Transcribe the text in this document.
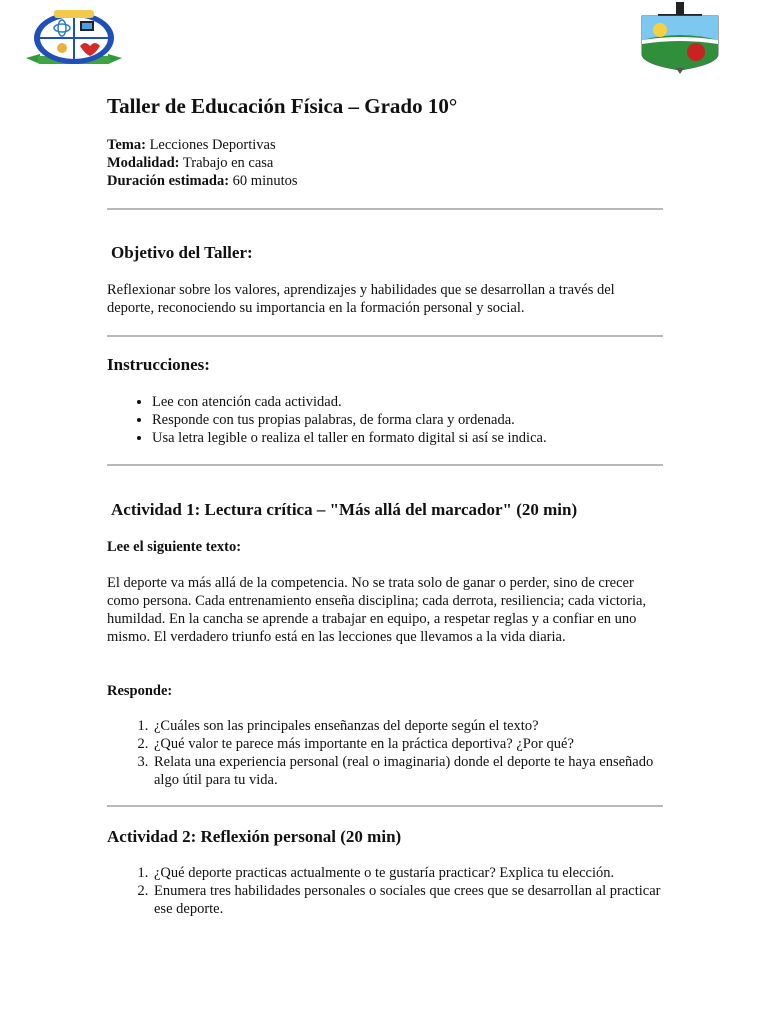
Taller de Educación Física – Grado 10°
Tema: Lecciones Deportivas
Modalidad: Trabajo en casa
Duración estimada: 60 minutos
Objetivo del Taller:

Reflexionar sobre los valores, aprendizajes y habilidades que se desarrollan a través del deporte, reconociendo su importancia en la formación personal y social.

Instrucciones:
• Lee con atención cada actividad.
• Responde con tus propias palabras, de forma clara y ordenada.
• Usa letra legible o realiza el taller en formato digital si así se indica.
Actividad 1: Lectura crítica – "Más allá del marcador" (20 min)
Lee el siguiente texto:

El deporte va más allá de la competencia. No se trata solo de ganar o perder, sino de crecer como persona. Cada entrenamiento enseña disciplina; cada derrota, resiliencia; cada victoria, humildad. En la cancha se aprende a trabajar en equipo, a respetar reglas y a confiar en uno mismo. El verdadero triunfo está en las lecciones que llevamos a la vida diaria.

Responde:
1. ¿Cuáles son las principales enseñanzas del deporte según el texto?
2. ¿Qué valor te parece más importante en la práctica deportiva? ¿Por qué?
3. Relata una experiencia personal (real o imaginaria) donde el deporte te haya enseñado algo útil para tu vida.
Actividad 2: Reflexión personal (20 min)
1. ¿Qué deporte practicas actualmente o te gustaría practicar? Explica tu elección.
2. Enumera tres habilidades personales o sociales que crees que se desarrollan al practicar ese deporte.
